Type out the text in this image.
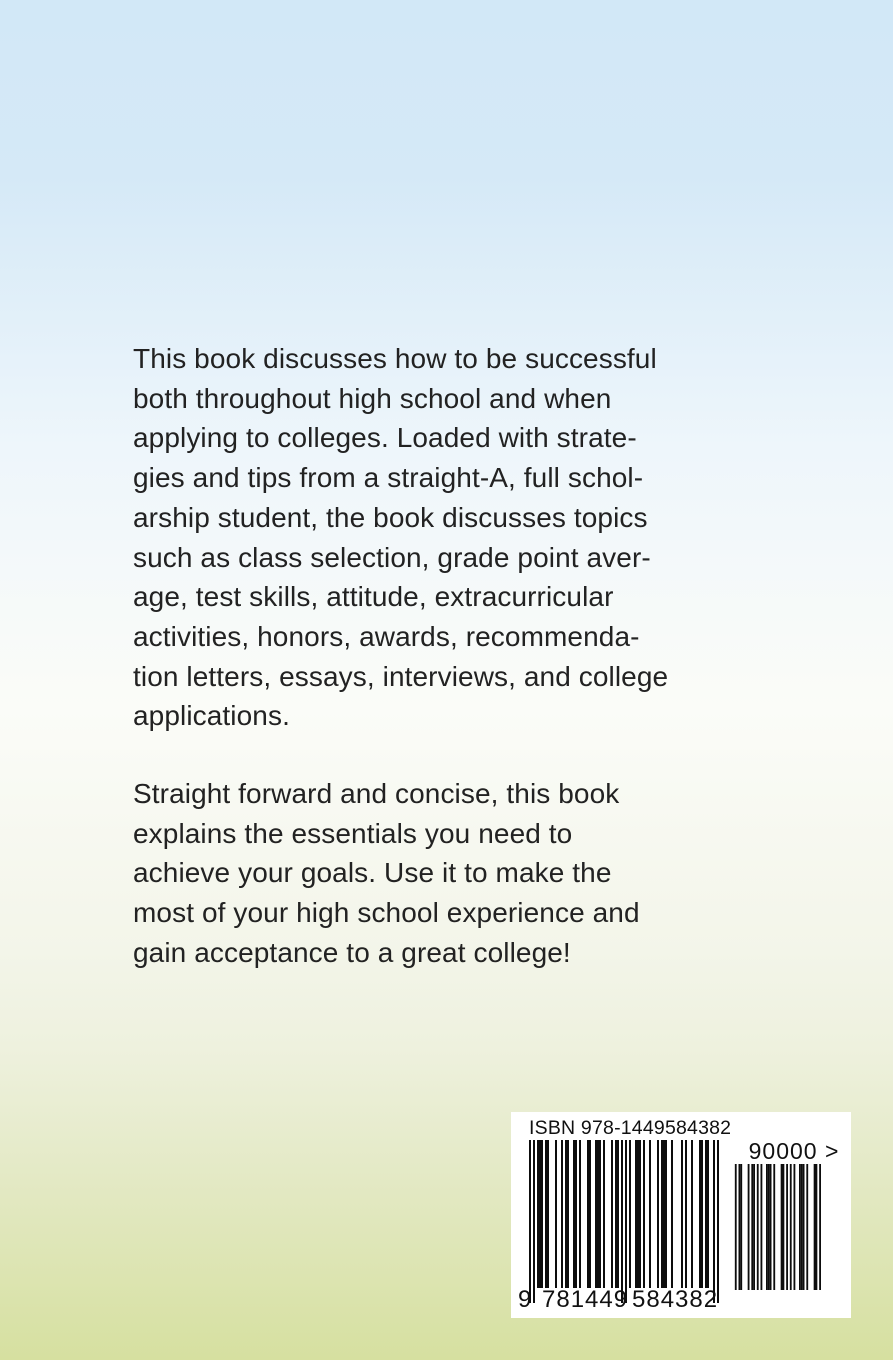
This book discusses how to be successful
both throughout high school and when
applying to colleges. Loaded with strate-
gies and tips from a straight-A, full schol-
arship student, the book discusses topics
such as class selection, grade point aver-
age, test skills, attitude, extracurricular
activities, honors, awards, recommenda-
tion letters, essays, interviews, and college
applications.
Straight forward and concise, this book
explains the essentials you need to
achieve your goals. Use it to make the
most of your high school experience and
gain acceptance to a great college!
ISBN 978-1449584382
90000 >
9 781449 584382
